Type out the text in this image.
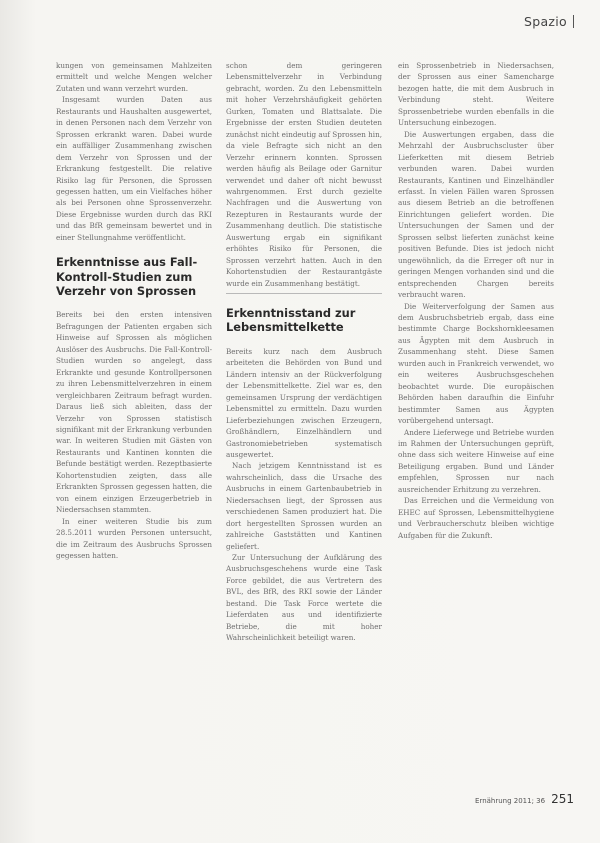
Spazio

kungen von gemeinsamen Mahlzeiten ermittelt und welche Mengen welcher Zutaten und wann verzehrt wurden.

Insgesamt wurden Daten aus Restaurants und Haushalten ausgewertet, in denen Personen nach dem Verzehr von Sprossen erkrankt waren. Dabei wurde ein auffälliger Zusammenhang zwischen dem Verzehr von Sprossen und der Erkrankung festgestellt. Die relative Risiko lag für Personen, die Sprossen gegessen hatten, um ein Vielfaches höher als bei Personen ohne Sprossenverzehr. Diese Ergebnisse wurden durch das RKI und das BfR gemeinsam bewertet und in einer Stellungnahme veröffentlicht.

Erkenntnisse aus Fall-Kontroll-Studien zum Verzehr von Sprossen

Bereits bei den ersten intensiven Befragungen der Patienten ergaben sich Hinweise auf Sprossen als möglichen Auslöser des Ausbruchs. Die Fall-Kontroll-Studien wurden so angelegt, dass Erkrankte und gesunde Kontrollpersonen zu ihren Lebensmittelverzehren in einem vergleichbaren Zeitraum befragt wurden. Daraus ließ sich ableiten, dass der Verzehr von Sprossen statistisch signifikant mit der Erkrankung verbunden war. In weiteren Studien mit Gästen von Restaurants und Kantinen konnten die Befunde bestätigt werden. Rezeptbasierte Kohortenstudien zeigten, dass alle Erkrankten Sprossen gegessen hatten, die von einem einzigen Erzeugerbetrieb in Niedersachsen stammten.

In einer weiteren Studie bis zum 28.5.2011 wurden Personen untersucht, die im Zeitraum des Ausbruchs Sprossen gegessen hatten.

schon dem geringeren Lebensmittelverzehr in Verbindung gebracht, worden. Zu den Lebensmitteln mit hoher Verzehrshäufigkeit gehörten Gurken, Tomaten und Blattsalate. Die Ergebnisse der ersten Studien deuteten zunächst nicht eindeutig auf Sprossen hin, da viele Befragte sich nicht an den Verzehr erinnern konnten. Sprossen werden häufig als Beilage oder Garnitur verwendet und daher oft nicht bewusst wahrgenommen. Erst durch gezielte Nachfragen und die Auswertung von Rezepturen in Restaurants wurde der Zusammenhang deutlich. Die statistische Auswertung ergab ein signifikant erhöhtes Risiko für Personen, die Sprossen verzehrt hatten. Auch in den Kohortenstudien der Restaurantgäste wurde ein Zusammenhang bestätigt.

Erkenntnisstand zur Lebensmittelkette

Bereits kurz nach dem Ausbruch arbeiteten die Behörden von Bund und Ländern intensiv an der Rückverfolgung der Lebensmittelkette. Ziel war es, den gemeinsamen Ursprung der verdächtigen Lebensmittel zu ermitteln. Dazu wurden Lieferbeziehungen zwischen Erzeugern, Großhändlern, Einzelhändlern und Gastronomiebetrieben systematisch ausgewertet.

Nach jetzigem Kenntnisstand ist es wahrscheinlich, dass die Ursache des Ausbruchs in einem Gartenbaubetrieb in Niedersachsen liegt, der Sprossen aus verschiedenen Samen produziert hat. Die dort hergestellten Sprossen wurden an zahlreiche Gaststätten und Kantinen geliefert.

Zur Untersuchung der Aufklärung des Ausbruchsgeschehens wurde eine Task Force gebildet, die aus Vertretern des BVL, des BfR, des RKI sowie der Länder bestand. Die Task Force wertete die Lieferdaten aus und identifizierte Betriebe, die mit hoher Wahrscheinlichkeit beteiligt waren.

ein Sprossenbetrieb in Niedersachsen, der Sprossen aus einer Samencharge bezogen hatte, die mit dem Ausbruch in Verbindung steht. Weitere Sprossenbetriebe wurden ebenfalls in die Untersuchung einbezogen.

Die Auswertungen ergaben, dass die Mehrzahl der Ausbruchscluster über Lieferketten mit diesem Betrieb verbunden waren. Dabei wurden Restaurants, Kantinen und Einzelhändler erfasst. In vielen Fällen waren Sprossen aus diesem Betrieb an die betroffenen Einrichtungen geliefert worden. Die Untersuchungen der Samen und der Sprossen selbst lieferten zunächst keine positiven Befunde. Dies ist jedoch nicht ungewöhnlich, da die Erreger oft nur in geringen Mengen vorhanden sind und die entsprechenden Chargen bereits verbraucht waren.

Die Weiterverfolgung der Samen aus dem Ausbruchsbetrieb ergab, dass eine bestimmte Charge Bockshornkleesamen aus Ägypten mit dem Ausbruch in Zusammenhang steht. Diese Samen wurden auch in Frankreich verwendet, wo ein weiteres Ausbruchsgeschehen beobachtet wurde. Die europäischen Behörden haben daraufhin die Einfuhr bestimmter Samen aus Ägypten vorübergehend untersagt.

Andere Lieferwege und Betriebe wurden im Rahmen der Untersuchungen geprüft, ohne dass sich weitere Hinweise auf eine Beteiligung ergaben. Bund und Länder empfehlen, Sprossen nur nach ausreichender Erhitzung zu verzehren.

Das Erreichen und die Vermeidung von EHEC auf Sprossen, Lebensmittelhygiene und Verbraucherschutz bleiben wichtige Aufgaben für die Zukunft.

Ernährung 2011; 36 251
